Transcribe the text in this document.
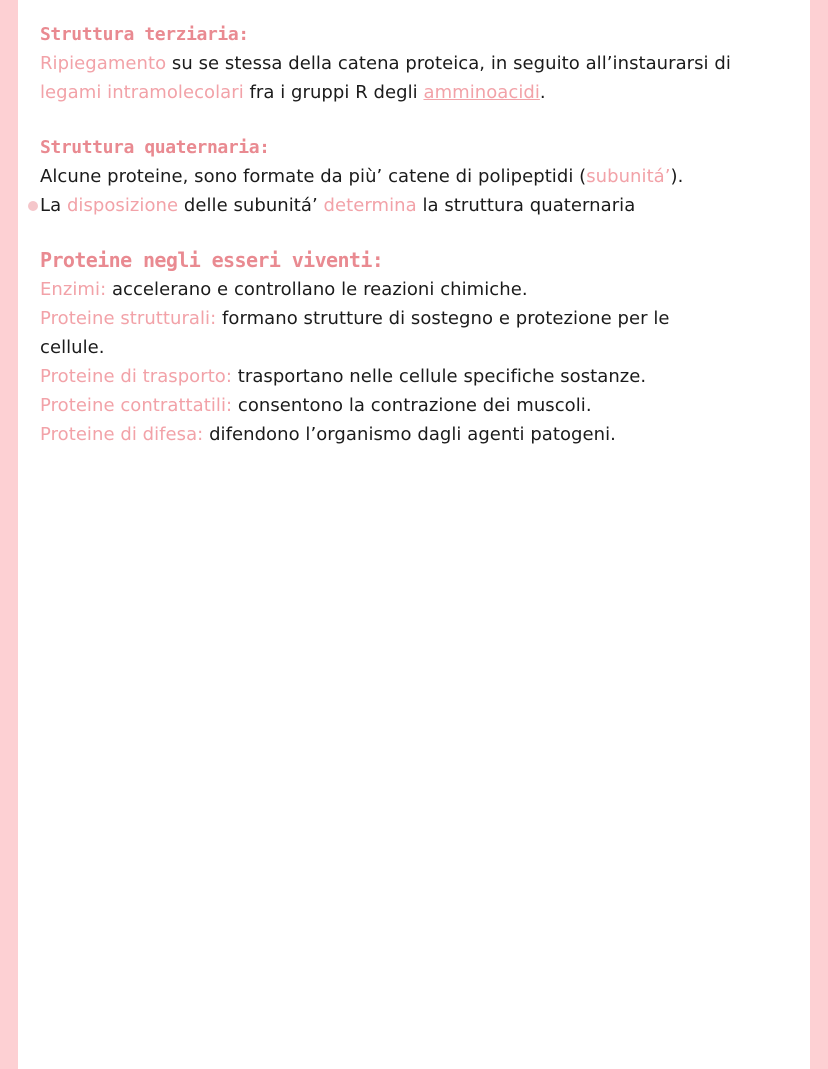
Struttura terziaria:
Ripiegamento su se stessa della catena proteica, in seguito all’instaurarsi di
legami intramolecolari fra i gruppi R degli amminoacidi.
Struttura quaternaria:
Alcune proteine, sono formate da più’ catene di polipeptidi (subunitá’).
La disposizione delle subunitá’ determina la struttura quaternaria
Proteine negli esseri viventi:
Enzimi: accelerano e controllano le reazioni chimiche.
Proteine strutturali: formano strutture di sostegno e protezione per le
cellule.
Proteine di trasporto: trasportano nelle cellule specifiche sostanze.
Proteine contrattatili: consentono la contrazione dei muscoli.
Proteine di difesa: difendono l’organismo dagli agenti patogeni.
